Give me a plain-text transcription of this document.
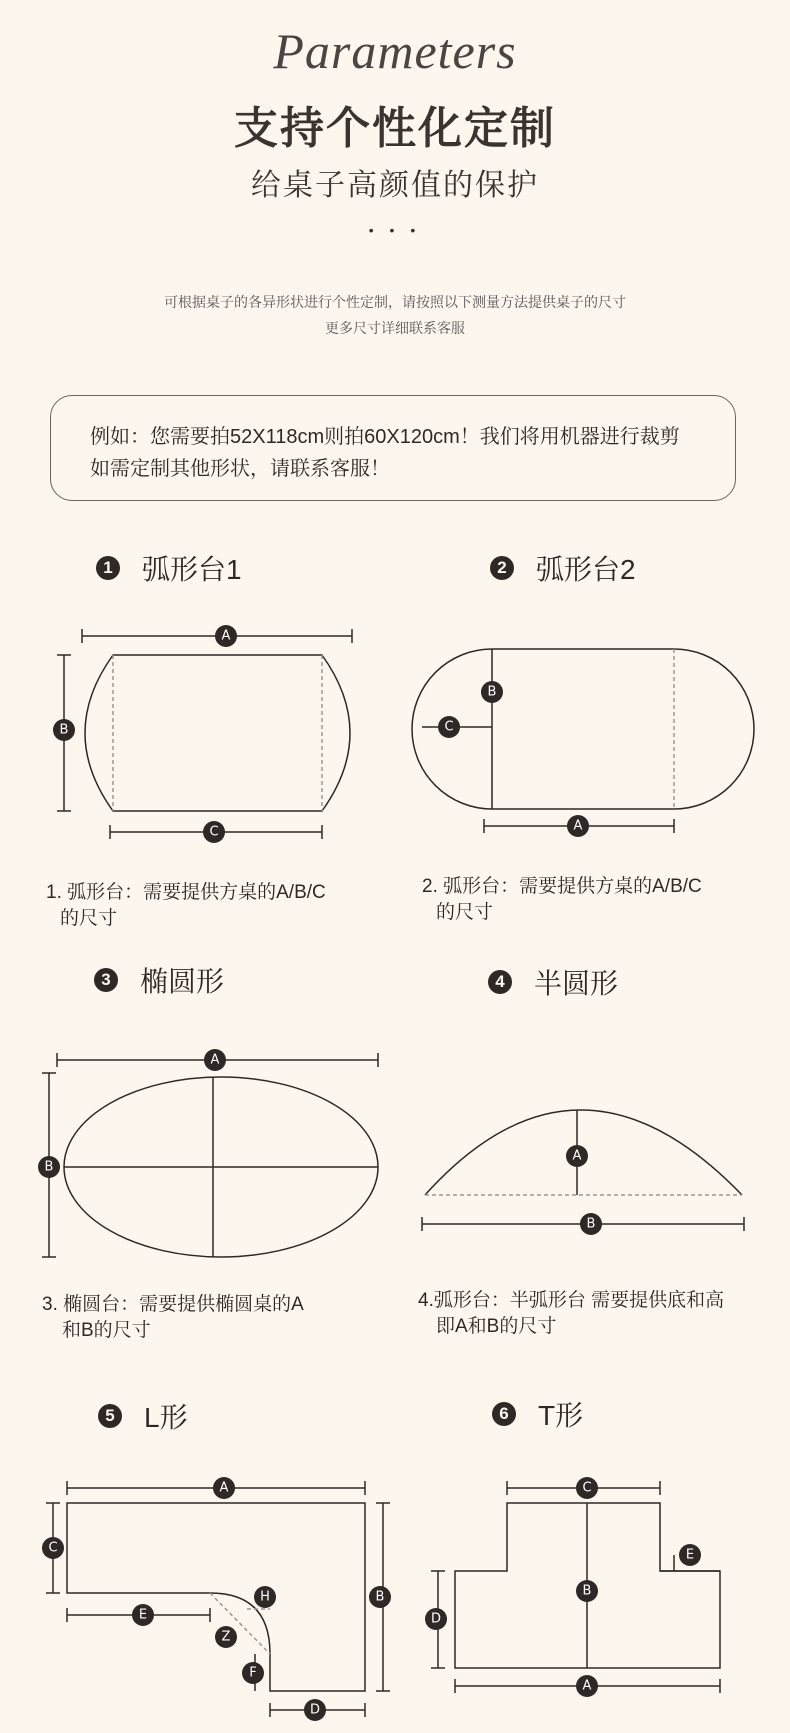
Parameters
支持个性化定制
给桌子高颜值的保护
• • •
可根据桌子的各异形状进行个性定制，请按照以下测量方法提供桌子的尺寸
更多尺寸详细联系客服
例如：您需要拍52X118cm则拍60X120cm！我们将用机器进行裁剪
如需定制其他形状，请联系客服！
1 弧形台1	2 弧形台2
3 椭圆形	4 半圆形
5 L形	6 T形
1. 弧形台：需要提供方桌的A/B/C
的尺寸
2. 弧形台：需要提供方桌的A/B/C
的尺寸
3. 椭圆台：需要提供椭圆桌的A
和B的尺寸
4.弧形台：半弧形台 需要提供底和高
即A和B的尺寸
A
B
C
B
C
A
A
B
A
B
A
B
C
E
H
Z
F
D
C
B
E
D
A
